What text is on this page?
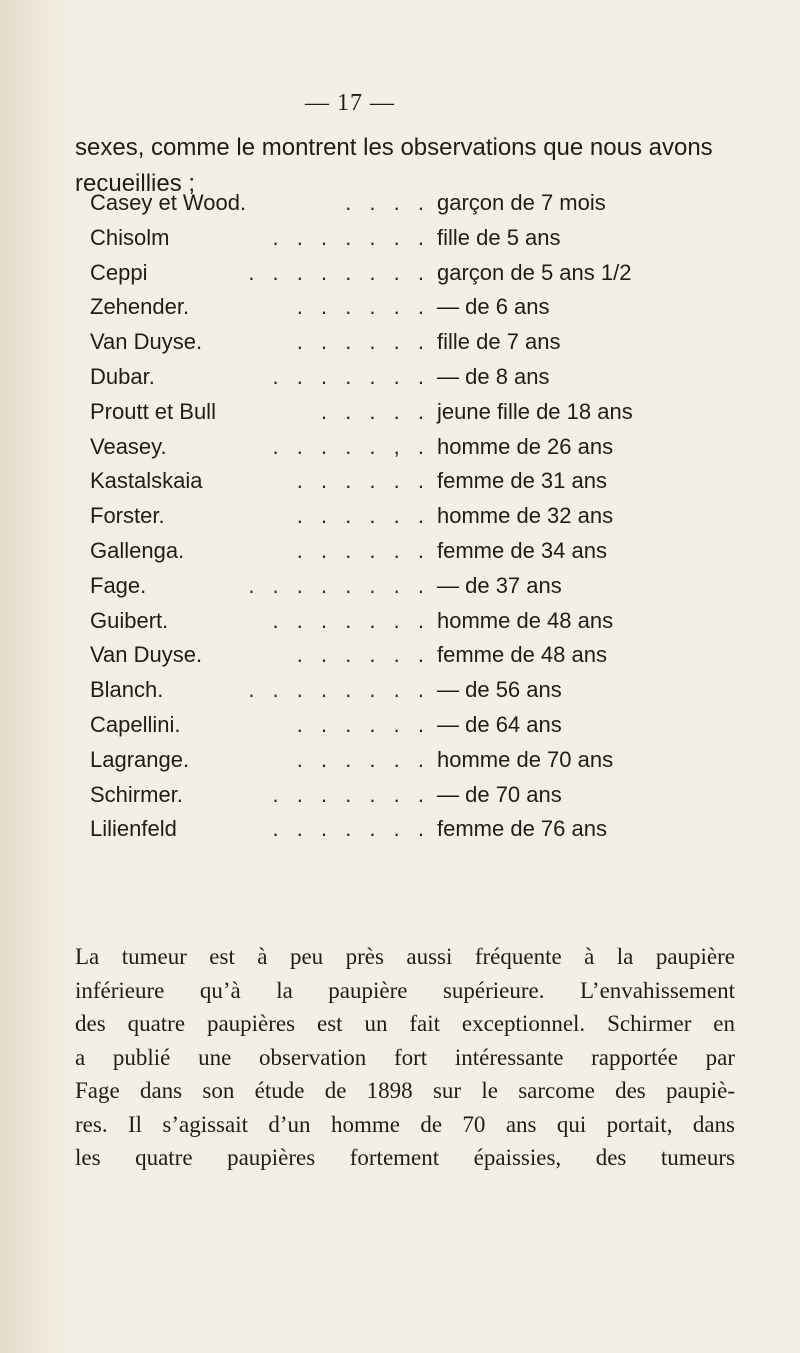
— 17 —
sexes, comme le montrent les observations que nous avons
recueillies ;
Casey et Wood.	. . . . garçon de 7 mois
Chisolm	. . . . . . . fille de 5 ans
Ceppi	. . . . . . . . garçon de 5 ans 1/2
Zehender.	. . . . . . — de 6 ans
Van Duyse.	. . . . . . fille de 7 ans
Dubar.	. . . . . . . — de 8 ans
Proutt et Bull	. . . . . jeune fille de 18 ans
Veasey.	. . . . . , . homme de 26 ans
Kastalskaia	. . . . . . femme de 31 ans
Forster.	. . . . . . homme de 32 ans
Gallenga.	. . . . . . femme de 34 ans
Fage.	. . . . . . . . — de 37 ans
Guibert.	. . . . . . . homme de 48 ans
Van Duyse.	. . . . . . femme de 48 ans
Blanch.	. . . . . . . . — de 56 ans
Capellini.	. . . . . . — de 64 ans
Lagrange.	. . . . . . homme de 70 ans
Schirmer.	. . . . . . . — de 70 ans
Lilienfeld	. . . . . . . femme de 76 ans
La tumeur est à peu près aussi fréquente à la paupière
inférieure qu’à la paupière supérieure. L’envahissement
des quatre paupières est un fait exceptionnel. Schirmer en
a publié une observation fort intéressante rapportée par
Fage dans son étude de 1898 sur le sarcome des paupiè-
res. Il s’agissait d’un homme de 70 ans qui portait, dans
les quatre paupières fortement épaissies, des tumeurs
